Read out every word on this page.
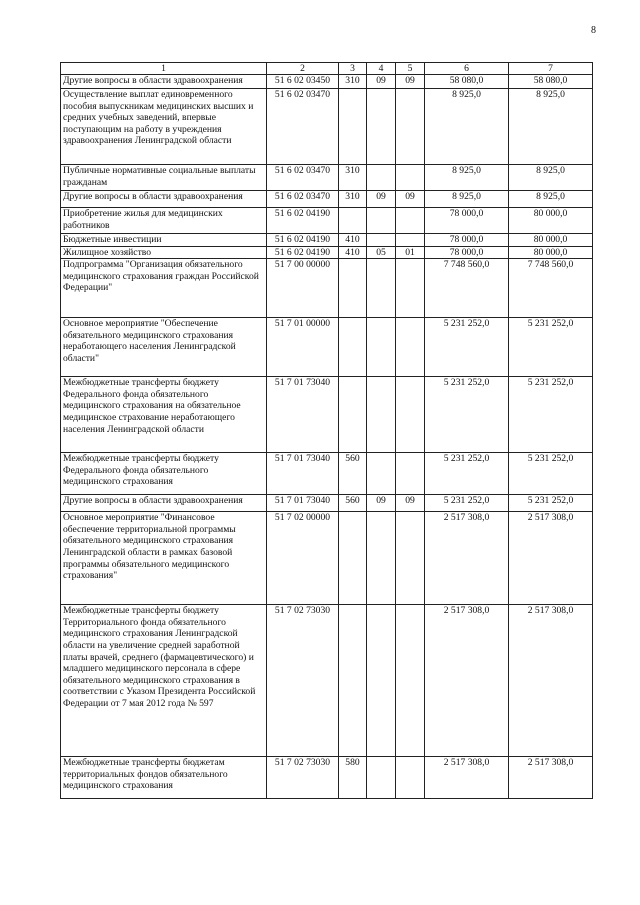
8
1	2	3	4	5	6	7
Другие вопросы в области здравоохранения	51 6 02 03450	310	09	09	58 080,0	58 080,0
Осуществление выплат единовременного пособия выпускникам медицинских высших и средних учебных заведений, впервые поступающим на работу в учреждения здравоохранения Ленинградской области	51 6 02 03470				8 925,0	8 925,0
Публичные нормативные социальные выплаты гражданам	51 6 02 03470	310			8 925,0	8 925,0
Другие вопросы в области здравоохранения	51 6 02 03470	310	09	09	8 925,0	8 925,0
Приобретение жилья для медицинских работников	51 6 02 04190				78 000,0	80 000,0
Бюджетные инвестиции	51 6 02 04190	410			78 000,0	80 000,0
Жилищное хозяйство	51 6 02 04190	410	05	01	78 000,0	80 000,0
Подпрограмма "Организация обязательного медицинского страхования граждан Российской Федерации"	51 7 00 00000				7 748 560,0	7 748 560,0
Основное мероприятие "Обеспечение обязательного медицинского страхования неработающего населения Ленинградской области"	51 7 01 00000				5 231 252,0	5 231 252,0
Межбюджетные трансферты бюджету Федерального фонда обязательного медицинского страхования на обязательное медицинское страхование неработающего населения Ленинградской области	51 7 01 73040				5 231 252,0	5 231 252,0
Межбюджетные трансферты бюджету Федерального фонда обязательного медицинского страхования	51 7 01 73040	560			5 231 252,0	5 231 252,0
Другие вопросы в области здравоохранения	51 7 01 73040	560	09	09	5 231 252,0	5 231 252,0
Основное мероприятие "Финансовое обеспечение территориальной программы обязательного медицинского страхования Ленинградской области в рамках базовой программы обязательного медицинского страхования"	51 7 02 00000				2 517 308,0	2 517 308,0
Межбюджетные трансферты бюджету Территориального фонда обязательного медицинского страхования Ленинградской области на увеличение средней заработной платы врачей, среднего (фармацевтического) и младшего медицинского персонала в сфере обязательного медицинского страхования в соответствии с Указом Президента Российской Федерации от 7 мая 2012 года № 597	51 7 02 73030				2 517 308,0	2 517 308,0
Межбюджетные трансферты бюджетам территориальных фондов обязательного медицинского страхования	51 7 02 73030	580			2 517 308,0	2 517 308,0
